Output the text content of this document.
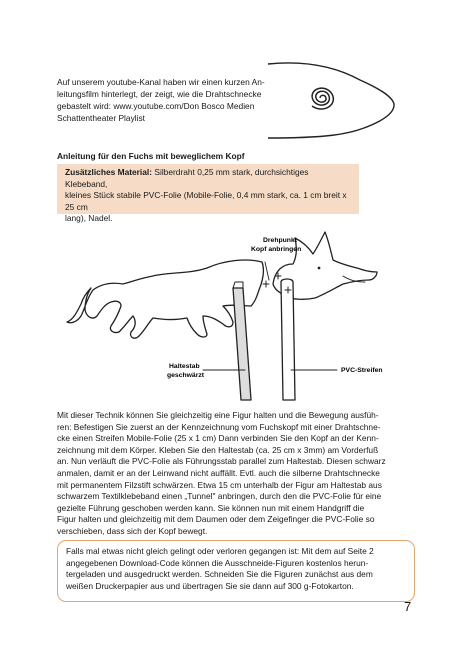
Auf unserem youtube-Kanal haben wir einen kurzen An-
leitungsfilm hinterlegt, der zeigt, wie die Drahtschnecke
gebastelt wird: www.youtube.com/Don Bosco Medien
Schattentheater Playlist
Anleitung für den Fuchs mit beweglichem Kopf
Zusätzliches Material: Silberdraht 0,25 mm stark, durchsichtiges Klebeband,
kleines Stück stabile PVC-Folie (Mobile-Folie, 0,4 mm stark, ca. 1 cm breit x 25 cm
lang), Nadel.
Drehpunkt
Kopf anbringen
Haltestab
geschwärzt
PVC-Streifen
Mit dieser Technik können Sie gleichzeitig eine Figur halten und die Bewegung ausfüh-
ren: Befestigen Sie zuerst an der Kennzeichnung vom Fuchskopf mit einer Drahtschne-
cke einen Streifen Mobile-Folie (25 x 1 cm) Dann verbinden Sie den Kopf an der Kenn-
zeichnung mit dem Körper. Kleben Sie den Haltestab (ca. 25 cm x 3mm) am Vorderfuß
an. Nun verläuft die PVC-Folie als Führungsstab parallel zum Haltestab. Diesen schwarz
anmalen, damit er an der Leinwand nicht auffällt. Evtl. auch die silberne Drahtschnecke
mit permanentem Filzstift schwärzen. Etwa 15 cm unterhalb der Figur am Haltestab aus
schwarzem Textilklebeband einen „Tunnel" anbringen, durch den die PVC-Folie für eine
gezielte Führung geschoben werden kann. Sie können nun mit einem Handgriff die
Figur halten und gleichzeitig mit dem Daumen oder dem Zeigefinger die PVC-Folie so
verschieben, dass sich der Kopf bewegt.
Falls mal etwas nicht gleich gelingt oder verloren gegangen ist: Mit dem auf Seite 2
angegebenen Download-Code können die Ausschneide-Figuren kostenlos herun-
tergeladen und ausgedruckt werden. Schneiden Sie die Figuren zunächst aus dem
weißen Druckerpapier aus und übertragen Sie sie dann auf 300 g-Fotokarton.
7
